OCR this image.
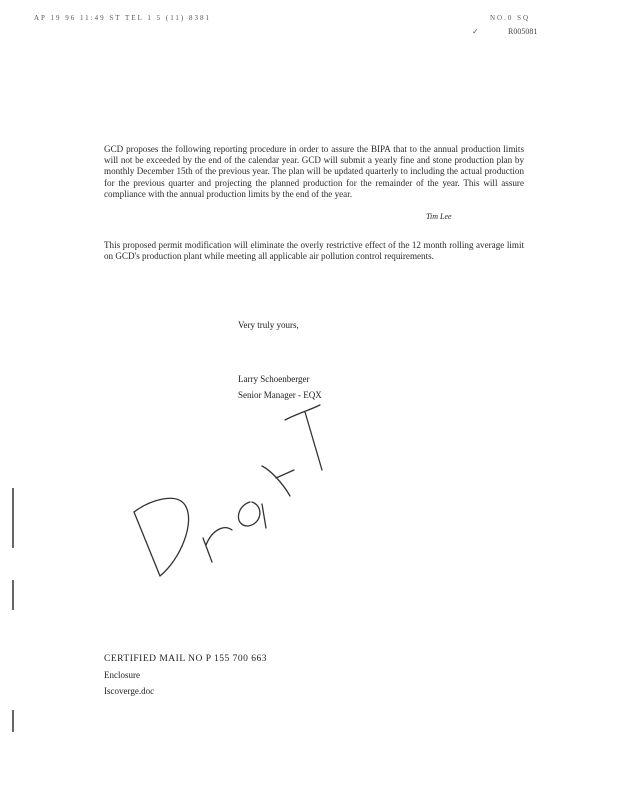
AP 19 96 11:49 ST TEL 1 5 (11) 8381	NO.0 SQ
✓	R005081
GCD proposes the following reporting procedure in order to assure the BIPA that to the annual production limits will not be exceeded by the end of the calendar year. GCD will submit a yearly fine and stone production plan by monthly December 15th of the previous year. The plan will be updated quarterly to including the actual production for the previous quarter and projecting the planned production for the remainder of the year. This will assure compliance with the annual production limits by the end of the year.
Tim Lee
This proposed permit modification will eliminate the overly restrictive effect of the 12 month rolling average limit on GCD's production plant while meeting all applicable air pollution control requirements.
Very truly yours,
Larry Schoenberger
Senior Manager - EQX
CERTIFIED MAIL NO P 155 700 663
Enclosure
Iscoverge.doc
